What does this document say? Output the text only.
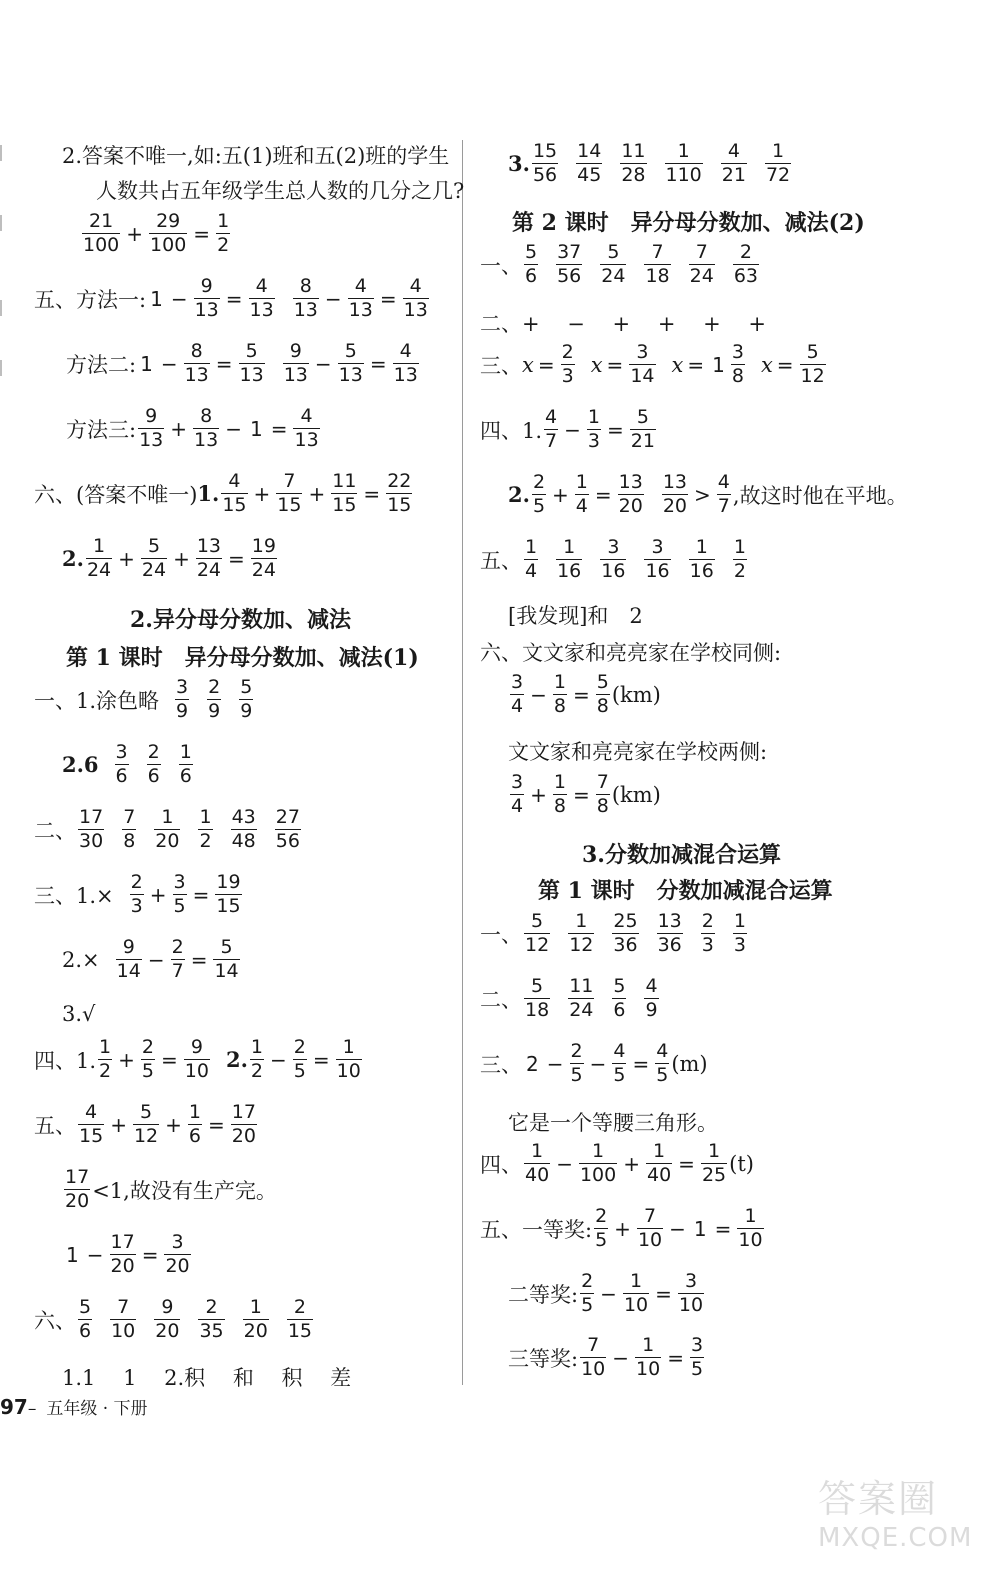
2.答案不唯一,如:五(1)班和五(2)班的学生
人数共占五年级学生总人数的几分之几?
21
$100 + \frac{29}{100} = \frac{1}{2}$
五、方法一: $1 - \frac{9}{13} = \frac{4}{13} 8$
$13 - \frac{4}{13} = \frac{4}{13}$
方法二: $1 - \frac{8}{13} = \frac{5}{13} 9$
$13 - \frac{5}{13} = \frac{4}{13}$
方法三:
9
$13 + \frac{8}{13} - 1 = \frac{4}{13}$
六、(答案不唯一) 1. 4
$15 + \frac{7}{15} + \frac{11}{15} = \frac{22}{15}$
2. 1
$24 + \frac{5}{24} + \frac{13}{24} = \frac{19}{24}$
2.异分母分数加、减法
第 1 课时　异分母分数加、减法(1)
一、1.涂色略
3
9
2
9
5
9
2.6 3
6
2
6
1
6
二、
17
30
7
8
1
20
1
2
43
48
27
56
三、1.×
2
$3 + \frac{3}{5} = \frac{19}{15}$
2.×
9
$14 - \frac{2}{7} = \frac{5}{14}$
3.√
四、1.
1
$2 + \frac{2}{5} = \frac{9}{10} 2$. 1
$2 - \frac{2}{5} = \frac{1}{10}$
五、
4
$15 + \frac{5}{12} + \frac{1}{6} = \frac{17}{20}$
17
20 <1,故没有生产完。
$1 - \frac{17}{20} = \frac{3}{20}$
六、
5
6
7
10
9
20
2
35
1
20
2
15
1.1　 1　 2.积　 和　 积　 差
3. 15
56
14
45
11
28
1
110
4
21
1
72
第 2 课时　异分母分数加、减法(2)
一、
5
6
37
56
5
24
7
18
7
24
2
63
二、+　 −　 +　 +　 +　 +
三、 $x = \frac{2}{3}$ $x = \frac{3}{14}$ x = 1
3
8 $x = \frac{5}{12}$
四、1.
4
$7 - \frac{1}{3} = \frac{5}{21}$
2. 2
$5 + \frac{1}{4} = \frac{13}{20} 13$
20 >
4
7 ,故这时他在平地。
五、
1
4
1
16
3
16
3
16
1
16
1
2
[我发现]和　2
六、文文家和亮亮家在学校同侧:
3
$4 - \frac{1}{8} = \frac{5}{8} (km)$
文文家和亮亮家在学校两侧:
3
$4 + \frac{1}{8} = \frac{7}{8} (km)$
3.分数加减混合运算
第 1 课时　分数加减混合运算
一、
5
12
1
12
25
36
13
36
2
3
1
3
二、
5
18
11
24
5
6
4
9
三、 $2 - \frac{2}{5} - \frac{4}{5} = \frac{4}{5} (m)$
它是一个等腰三角形。
四、
1
$40 - \frac{1}{100} + \frac{1}{40} = \frac{1}{25} (t)$
五、一等奖:
2
$5 + \frac{7}{10} - 1 = \frac{1}{10}$
二等奖:
2
$5 - \frac{1}{10} = \frac{3}{10}$
三等奖:
7
$10 - \frac{1}{10} = \frac{3}{5}$
97 – 五年级 · 下册
答案圈
MXQE.COM
